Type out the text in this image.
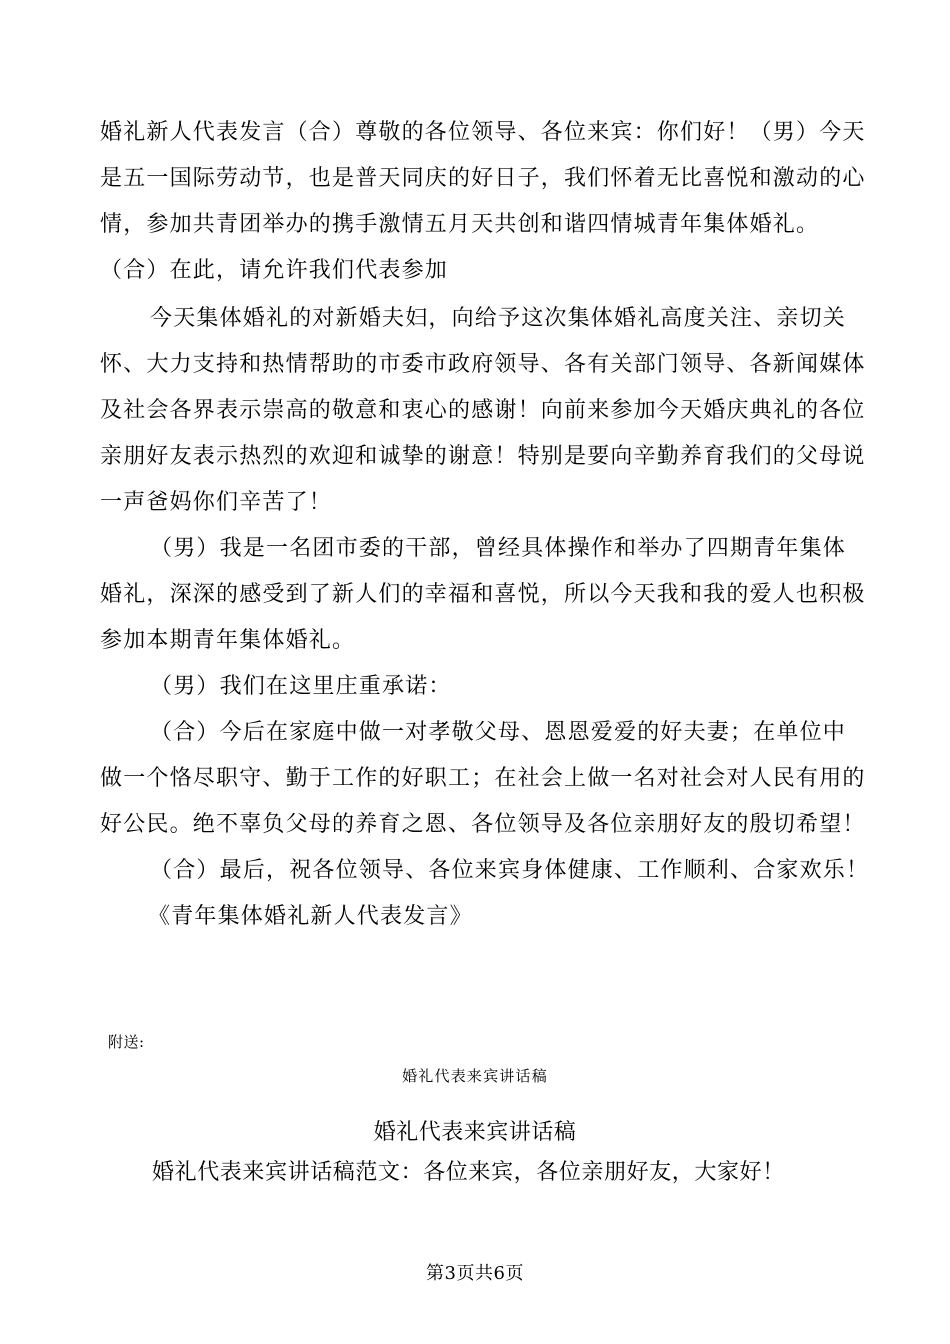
婚礼新人代表发言（合）尊敬的各位领导、各位来宾：你们好！（男）今天
是五一国际劳动节，也是普天同庆的好日子，我们怀着无比喜悦和激动的心
情，参加共青团举办的携手激情五月天共创和谐四情城青年集体婚礼。
（合）在此，请允许我们代表参加
今天集体婚礼的对新婚夫妇，向给予这次集体婚礼高度关注、亲切关
怀、大力支持和热情帮助的市委市政府领导、各有关部门领导、各新闻媒体
及社会各界表示崇高的敬意和衷心的感谢！向前来参加今天婚庆典礼的各位
亲朋好友表示热烈的欢迎和诚挚的谢意！特别是要向辛勤养育我们的父母说
一声爸妈你们辛苦了！
（男）我是一名团市委的干部，曾经具体操作和举办了四期青年集体
婚礼，深深的感受到了新人们的幸福和喜悦，所以今天我和我的爱人也积极
参加本期青年集体婚礼。
（男）我们在这里庄重承诺：
（合）今后在家庭中做一对孝敬父母、恩恩爱爱的好夫妻；在单位中
做一个恪尽职守、勤于工作的好职工；在社会上做一名对社会对人民有用的
好公民。绝不辜负父母的养育之恩、各位领导及各位亲朋好友的殷切希望！
（合）最后，祝各位领导、各位来宾身体健康、工作顺利、合家欢乐！
《青年集体婚礼新人代表发言》
附送:
婚礼代表来宾讲话稿
婚礼代表来宾讲话稿
婚礼代表来宾讲话稿范文：各位来宾，各位亲朋好友，大家好！
第3页共6页
